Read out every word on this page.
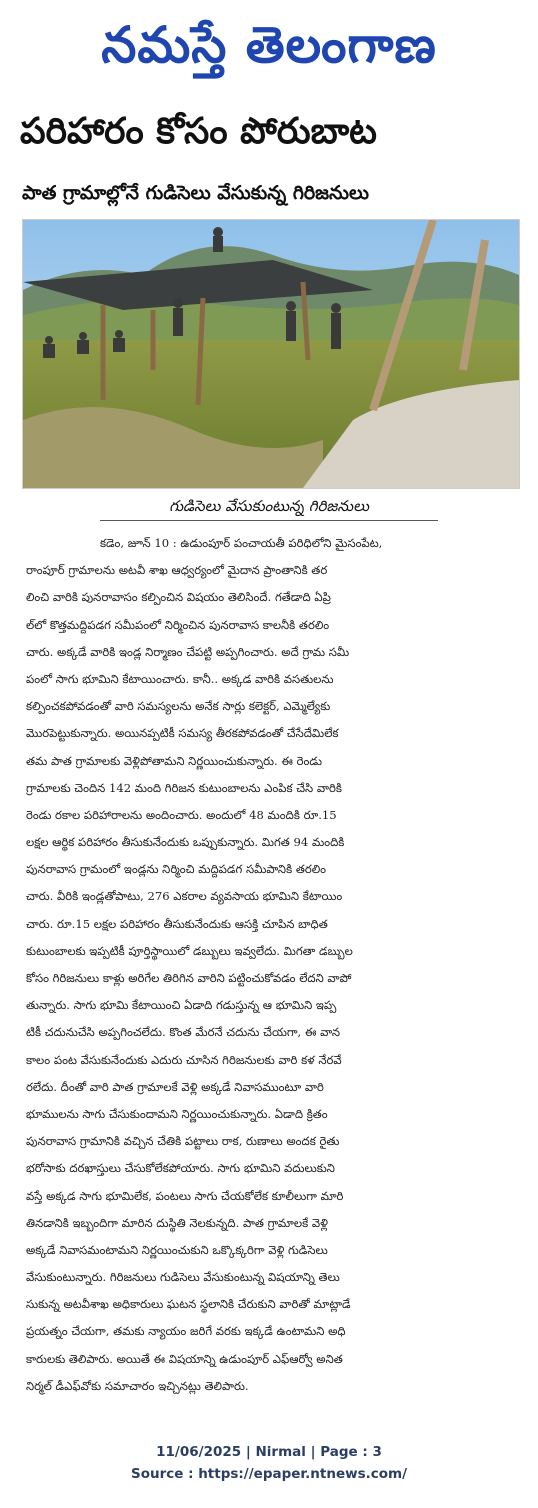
నమస్తే తెలంగాణ
పరిహారం కోసం పోరుబాట
పాత గ్రామాల్లోనే గుడిసెలు వేసుకున్న గిరిజనులు
గుడిసెలు వేసుకుంటున్న గిరిజనులు
కడెం, జూన్ 10 : ఉడుంపూర్ పంచాయతీ పరిధిలోని మైసంపేట,
రాంపూర్ గ్రామాలను అటవీ శాఖ ఆధ్వర్యంలో మైదాన ప్రాంతానికి తర
లించి వారికి పునరావాసం కల్పించిన విషయం తెలిసిందే. గతేడాది ఏప్రి
ల్‌లో కొత్తమద్దిపడగ సమీపంలో నిర్మించిన పునరావాస కాలనీకి తరలిం
చారు. అక్కడే వారికి ఇండ్ల నిర్మాణం చేపట్టి అప్పగించారు. అదే గ్రామ సమీ
పంలో సాగు భూమిని కేటాయించారు. కానీ.. అక్కడ వారికి వసతులను
కల్పించకపోవడంతో వారి సమస్యలను అనేక సార్లు కలెక్టర్, ఎమ్మెల్యేకు
మొరపెట్టుకున్నారు. అయినప్పటికీ సమస్య తీరకపోవడంతో చేసేదేమిలేక
తమ పాత గ్రామాలకు వెళ్లిపోతామని నిర్ణయించుకున్నారు. ఈ రెండు
గ్రామాలకు చెందిన 142 మంది గిరిజన కుటుంబాలను ఎంపిక చేసి వారికి
రెండు రకాల పరిహారాలను అందించారు. అందులో 48 మందికి రూ.15
లక్షల ఆర్థిక పరిహారం తీసుకునేందుకు ఒప్పుకున్నారు. మిగత 94 మందికి
పునరావాస గ్రామంలో ఇండ్లను నిర్మించి మద్దిపడగ సమీపానికి తరలిం
చారు. వీరికి ఇండ్లతోపాటు, 276 ఎకరాల వ్యవసాయ భూమిని కేటాయిం
చారు. రూ.15 లక్షల పరిహారం తీసుకునేందుకు ఆసక్తి చూపిన బాధిత
కుటుంబాలకు ఇప్పటికీ పూర్తిస్థాయిలో డబ్బులు ఇవ్వలేదు. మిగతా డబ్బుల
కోసం గిరిజనులు కాళ్లు అరిగేల తిరిగిన వారిని పట్టించుకోవడం లేదని వాపో
తున్నారు. సాగు భూమి కేటాయించి ఏడాది గడుస్తున్న ఆ భూమిని ఇప్ప
టికీ చదునుచేసి అప్పగించలేదు. కొంత మేరనే చదును చేయగా, ఈ వాన
కాలం పంట వేసుకునేందుకు ఎదురు చూసిన గిరిజనులకు వారి కళ నేరవే
రలేదు. దీంతో వారి పాత గ్రామాలకే వెళ్లి అక్కడే నివాసముంటూ వారి
భూములను సాగు చేసుకుందామని నిర్ణయించుకున్నారు. ఏడాది క్రితం
పునరావాస గ్రామానికి వచ్చిన చేతికి పట్టాలు రాక, రుణాలు అందక రైతు
భరోసాకు దరఖాస్తులు చేసుకోలేకపోయారు. సాగు భూమిని వదులుకుని
వస్తే అక్కడ సాగు భూమిలేక, పంటలు సాగు చేయకోలేక కూలీలుగా మారి
తినడానికి ఇబ్బందిగా మారిన దుస్థితి నెలకున్నది. పాత గ్రామాలకే వెళ్లి
అక్కడే నివాసమంటామని నిర్ణయించుకుని ఒక్కొక్కరిగా వెళ్లి గుడిసెలు
వేసుకుంటున్నారు. గిరిజనులు గుడిసెలు వేసుకుంటున్న విషయాన్ని తెలు
సుకున్న అటవీశాఖ అధికారులు ఘటన స్థలానికి చేరుకుని వారితో మాట్లాడే
ప్రయత్నం చేయగా, తమకు న్యాయం జరిగే వరకు ఇక్కడే ఉంటామని అధి
కారులకు తెలిపారు. అయితే ఈ విషయాన్ని ఉడుంపూర్ ఎఫ్‌ఆర్వో అనిత
నిర్మల్ డీఎఫ్‌వోకు సమాచారం ఇచ్చినట్లు తెలిపారు.
11/06/2025 | Nirmal | Page : 3
Source : https://epaper.ntnews.com/
